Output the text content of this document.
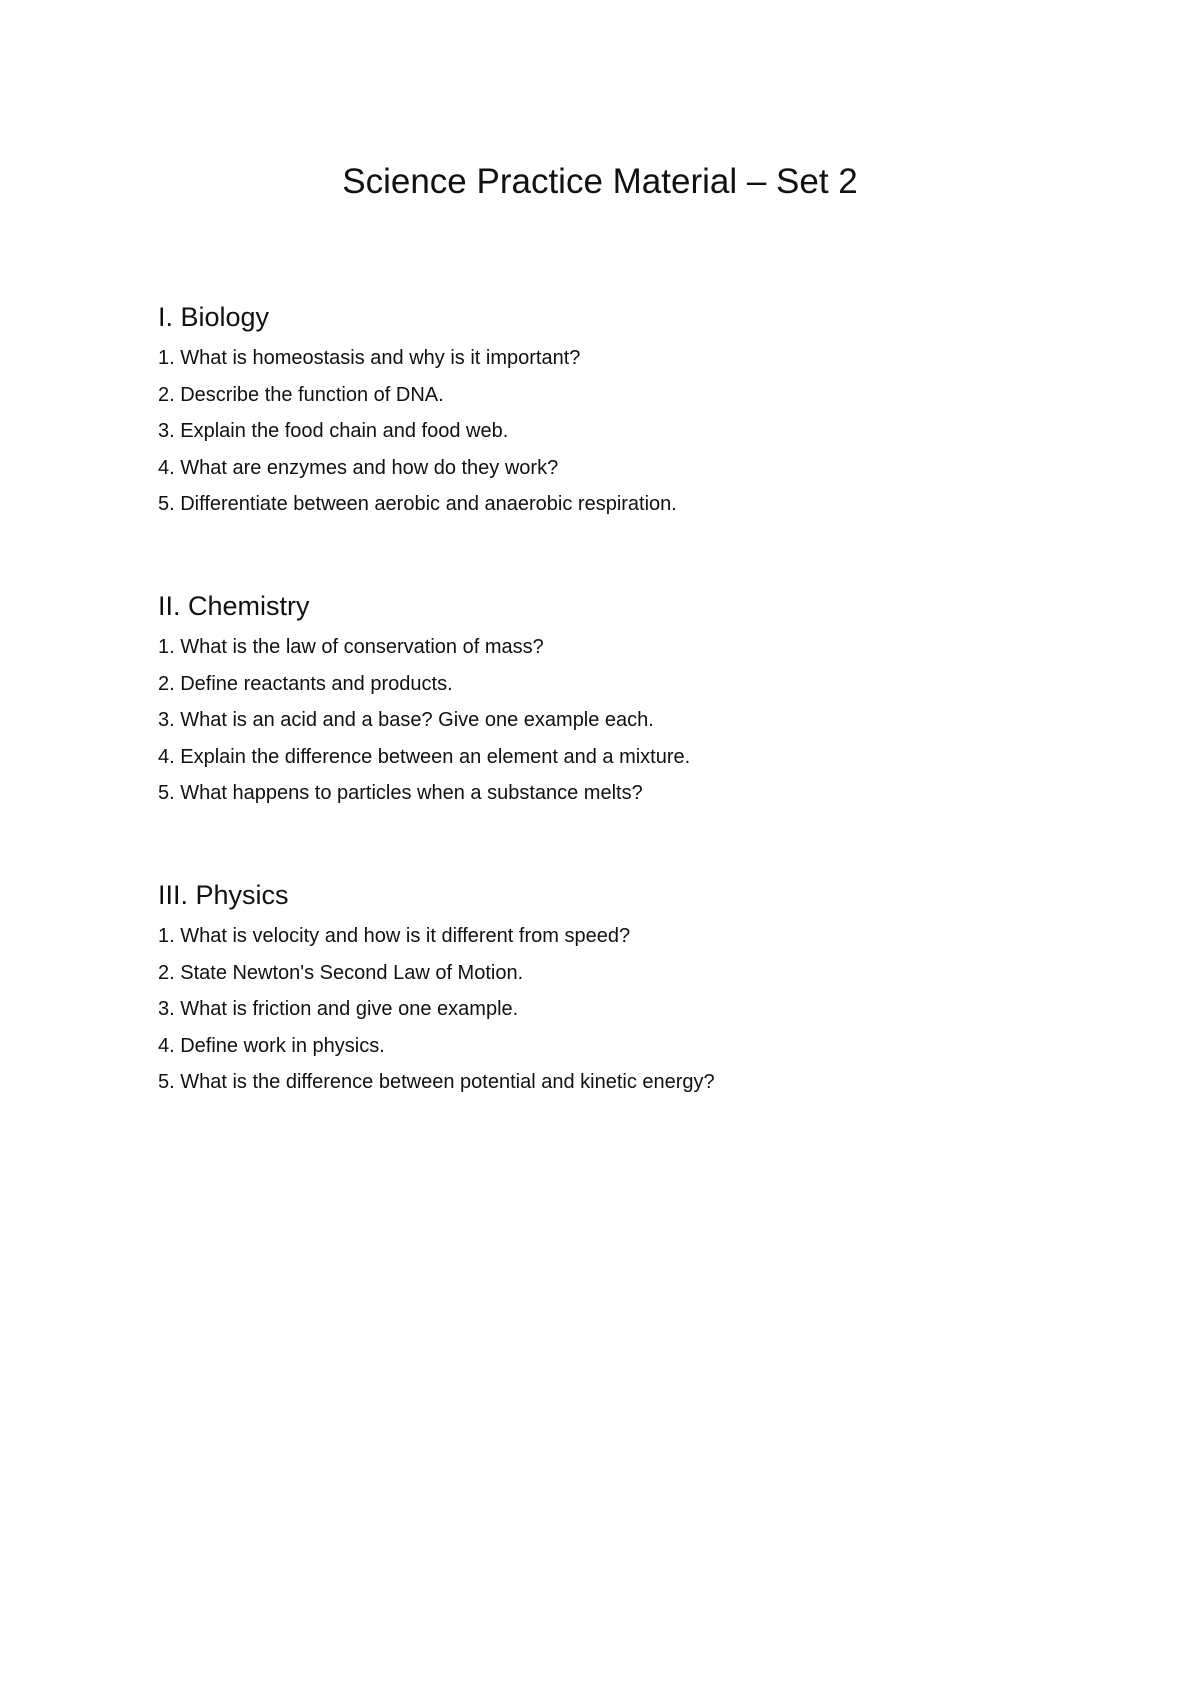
Science Practice Material – Set 2
I. Biology
1. What is homeostasis and why is it important?
2. Describe the function of DNA.
3. Explain the food chain and food web.
4. What are enzymes and how do they work?
5. Differentiate between aerobic and anaerobic respiration.
II. Chemistry
1. What is the law of conservation of mass?
2. Define reactants and products.
3. What is an acid and a base? Give one example each.
4. Explain the difference between an element and a mixture.
5. What happens to particles when a substance melts?
III. Physics
1. What is velocity and how is it different from speed?
2. State Newton's Second Law of Motion.
3. What is friction and give one example.
4. Define work in physics.
5. What is the difference between potential and kinetic energy?
